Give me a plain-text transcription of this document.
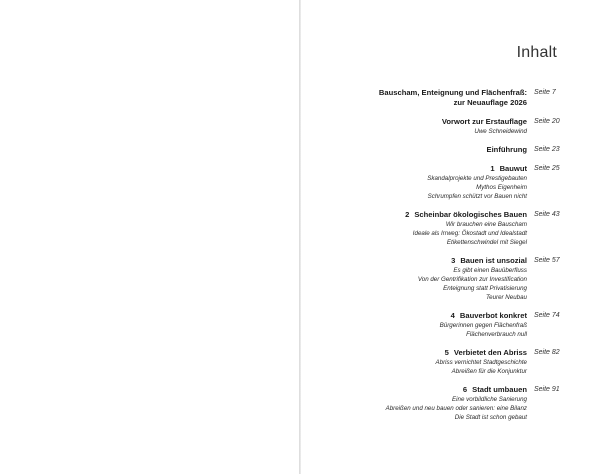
Inhalt
Bauscham, Enteignung und Flächenfraß:
zur Neuauflage 2026
Seite 7
Vorwort zur Erstauflage
Uwe Schneidewind
Seite 20
Einführung Seite 23
1 Bauwut
Skandalprojekte und Prestigebauten
Mythos Eigenheim
Schrumpfen schützt vor Bauen nicht
Seite 25
2 Scheinbar ökologisches Bauen
Wir brauchen eine Bauscham
Ideale als Irrweg: Ökostadt und Idealstadt
Etikettenschwindel mit Siegel
Seite 43
3 Bauen ist unsozial
Es gibt einen Bauüberfluss
Von der Gentrifikation zur Investification
Enteignung statt Privatisierung
Teurer Neubau
Seite 57
4 Bauverbot konkret
Bürgerinnen gegen Flächenfraß
Flächenverbrauch null
Seite 74
5 Verbietet den Abriss
Abriss vernichtet Stadtgeschichte
Abreißen für die Konjunktur
Seite 82
6 Stadt umbauen
Eine vorbildliche Sanierung
Abreißen und neu bauen oder sanieren: eine Bilanz
Die Stadt ist schon gebaut
Seite 91
